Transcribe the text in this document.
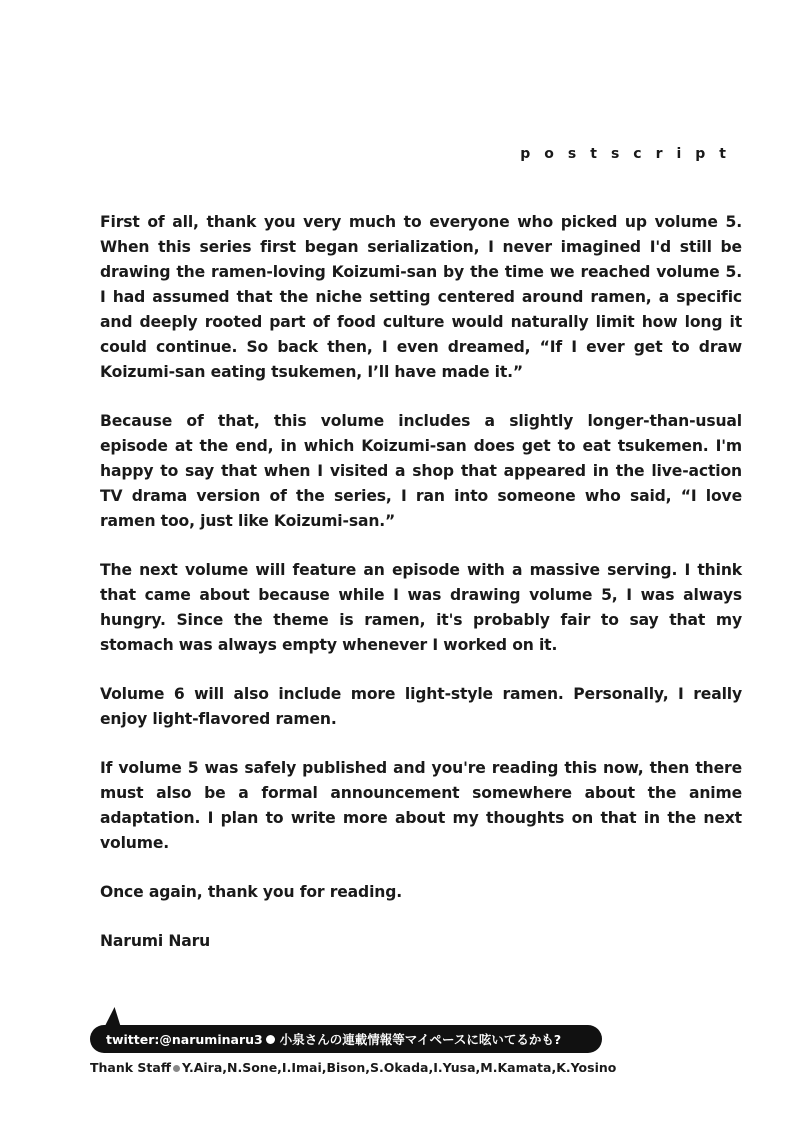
postscript

First of all, thank you very much to everyone who picked up volume 5. When this series first began serialization, I never imagined I'd still be drawing the ramen-loving Koizumi-san by the time we reached volume 5. I had assumed that the niche setting centered around ramen, a specific and deeply rooted part of food culture would naturally limit how long it could continue. So back then, I even dreamed, “If I ever get to draw Koizumi-san eating tsukemen, I’ll have made it.”

Because of that, this volume includes a slightly longer-than-usual episode at the end, in which Koizumi-san does get to eat tsukemen. I'm happy to say that when I visited a shop that appeared in the live-action TV drama version of the series, I ran into someone who said, “I love ramen too, just like Koizumi-san.”

The next volume will feature an episode with a massive serving. I think that came about because while I was drawing volume 5, I was always hungry. Since the theme is ramen, it's probably fair to say that my stomach was always empty whenever I worked on it.

Volume 6 will also include more light-style ramen. Personally, I really enjoy light-flavored ramen.

If volume 5 was safely published and you're reading this now, then there must also be a formal announcement somewhere about the anime adaptation. I plan to write more about my thoughts on that in the next volume.

Once again, thank you for reading.

Narumi Naru

twitter:@naruminaru3 小泉さんの連載情報等マイペースに呟いてるかも?
Thank Staff Y.Aira,N.Sone,I.Imai,Bison,S.Okada,I.Yusa,M.Kamata,K.Yosino
